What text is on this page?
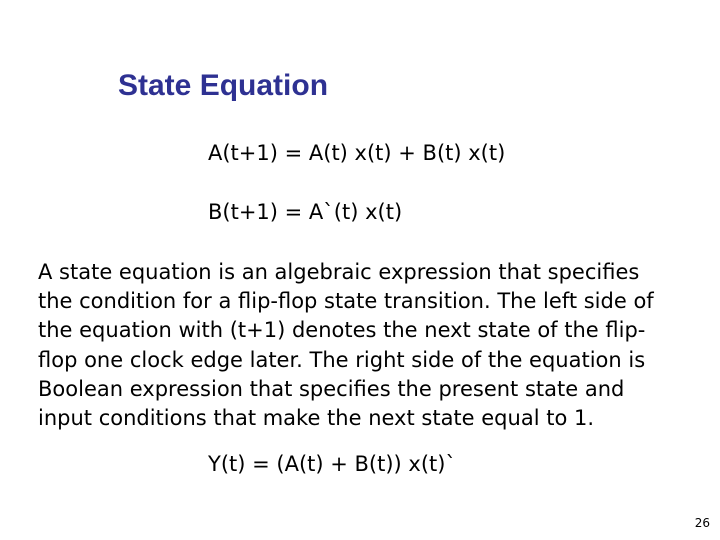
State Equation
A(t+1) = A(t) x(t) + B(t) x(t)
B(t+1) = A`(t) x(t)

A state equation is an algebraic expression that specifies
the condition for a flip-flop state transition. The left side of
the equation with (t+1) denotes the next state of the flip-
flop one clock edge later. The right side of the equation is
Boolean expression that specifies the present state and
input conditions that make the next state equal to 1.

Y(t) = (A(t) + B(t)) x(t)`
26
